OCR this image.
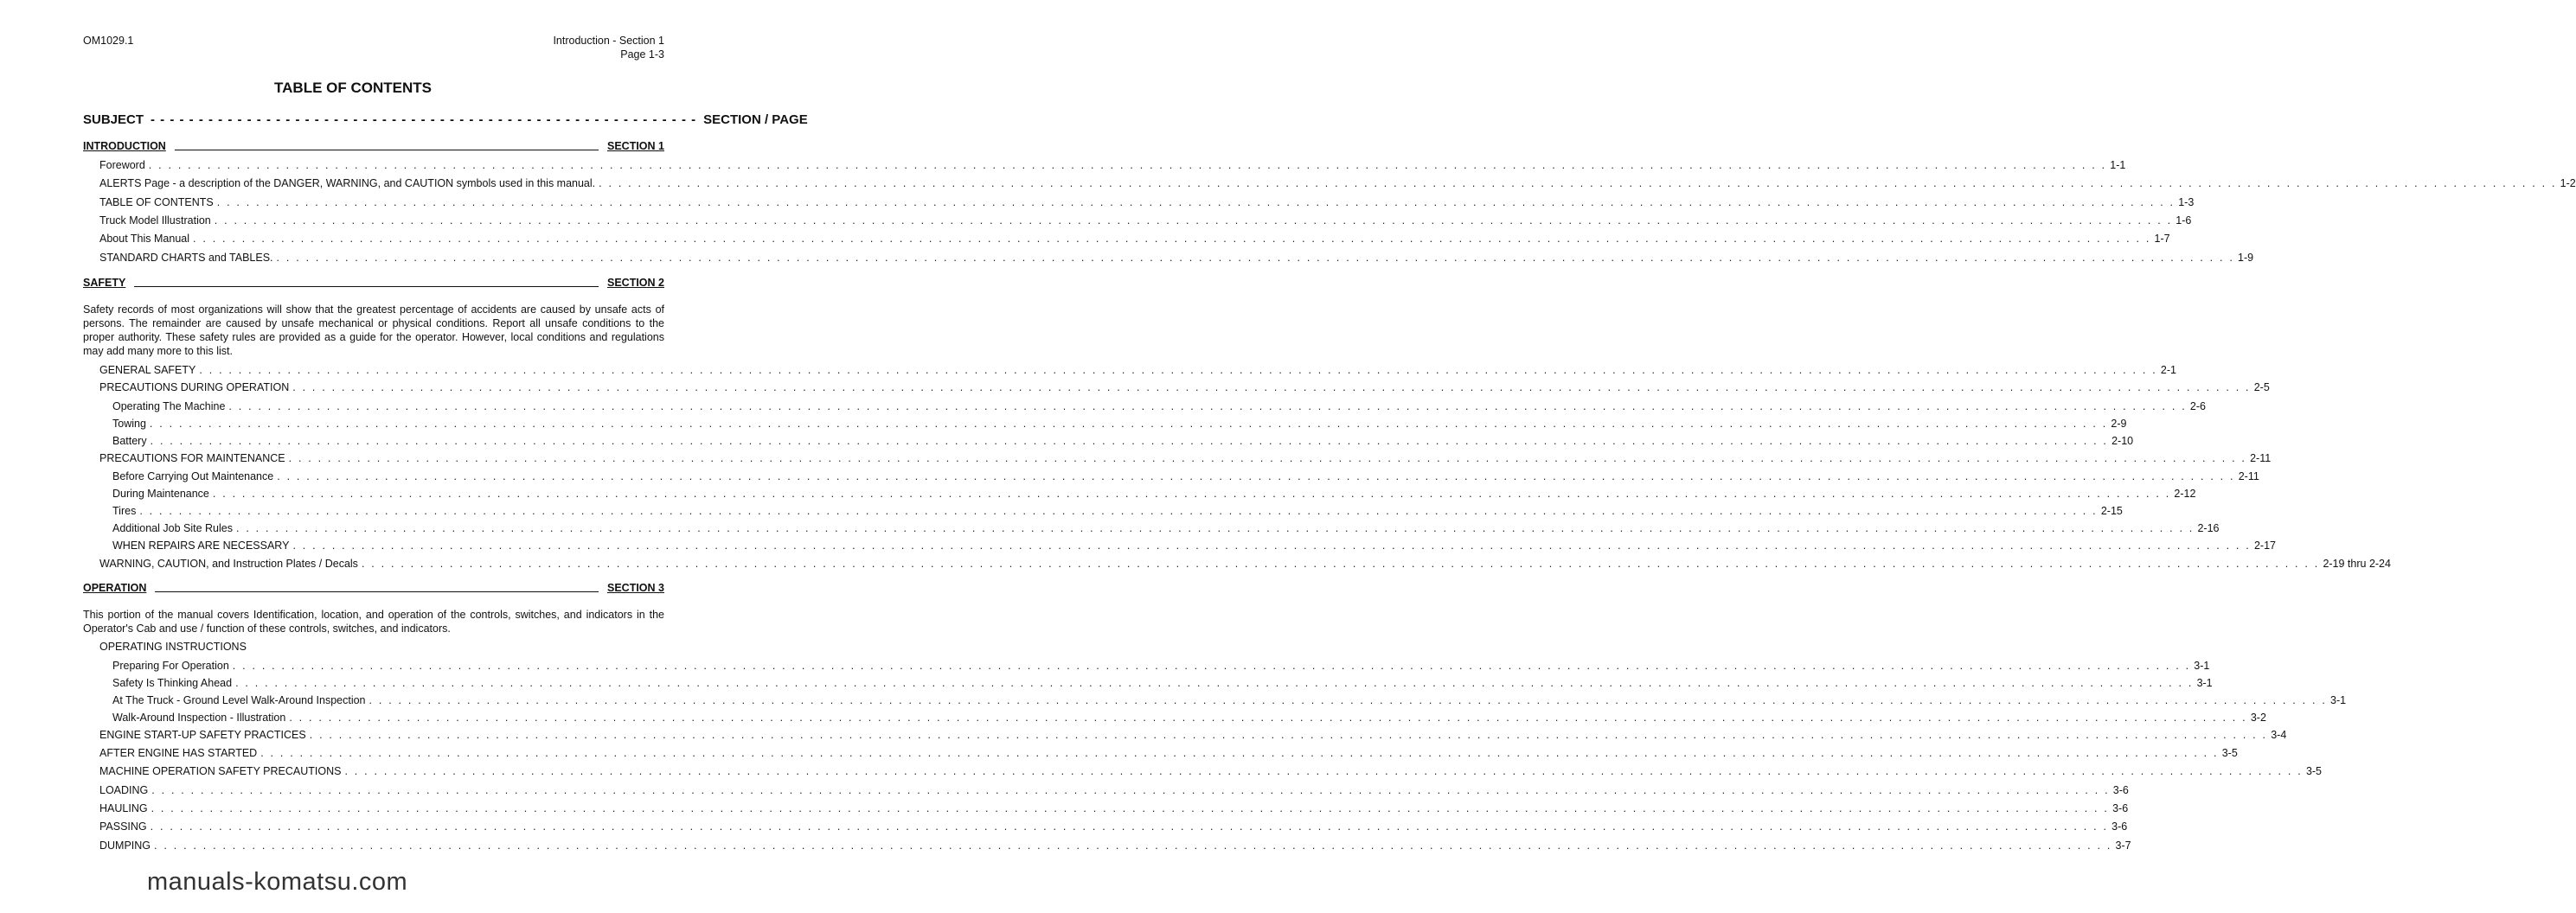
OM1029.1	Introduction - Section 1
Page 1-3
TABLE OF CONTENTS
SUBJECT - - - - - - - - - - - - - - - - - - - - - - - - - - - - - - - - - - - - - - - - - - - - - - - - - - - - - - - - - SECTION / PAGE
INTRODUCTION	SECTION 1
Foreword . . . . . . . . . . . . . . . . . . . . . . . . . . . . . . . . . . . . . . . . . . . . . . . . . . . . . . . . . . . . . . . . . . . . . . . . . . . . . . . . . . . . . . . . . . . . . . . . . . . . . . . . . . . . . . . . . . . . . . . . . . . . . . . . . . . . . . . . . . . . . . . . . . . . . . . . . . . . . . . . . . . . . . . . . . . . . . . . . . . . . . . . . . . . . . . . . . . . . . . . 1-1
ALERTS Page - a description of the DANGER, WARNING, and CAUTION symbols used in this manual. . . . . . . . . . . . . . . . . . . . . . . . . . . . . . . . . . . . . . . . . . . . . . . . . . . . . . . . . . . . . . . . . . . . . . . . . . . . . . . . . . . . . . . . . . . . . . . . . . . . . . . . . . . . . . . . . . . . . . . . . . . . . . . . . . . . . . . . . . . . . . . . . . . . . . . . . . . . . . . . . . . . . . . . . . . . . . . . . . . . . . . . . . . . . . . . . . . . . . . . . 1-2
TABLE OF CONTENTS . . . . . . . . . . . . . . . . . . . . . . . . . . . . . . . . . . . . . . . . . . . . . . . . . . . . . . . . . . . . . . . . . . . . . . . . . . . . . . . . . . . . . . . . . . . . . . . . . . . . . . . . . . . . . . . . . . . . . . . . . . . . . . . . . . . . . . . . . . . . . . . . . . . . . . . . . . . . . . . . . . . . . . . . . . . . . . . . . . . . . . . . . . . . . . . . . . . . . . . . 1-3
Truck Model Illustration . . . . . . . . . . . . . . . . . . . . . . . . . . . . . . . . . . . . . . . . . . . . . . . . . . . . . . . . . . . . . . . . . . . . . . . . . . . . . . . . . . . . . . . . . . . . . . . . . . . . . . . . . . . . . . . . . . . . . . . . . . . . . . . . . . . . . . . . . . . . . . . . . . . . . . . . . . . . . . . . . . . . . . . . . . . . . . . . . . . . . . . . . . . . . . . . . . . . . . . . 1-6
About This Manual . . . . . . . . . . . . . . . . . . . . . . . . . . . . . . . . . . . . . . . . . . . . . . . . . . . . . . . . . . . . . . . . . . . . . . . . . . . . . . . . . . . . . . . . . . . . . . . . . . . . . . . . . . . . . . . . . . . . . . . . . . . . . . . . . . . . . . . . . . . . . . . . . . . . . . . . . . . . . . . . . . . . . . . . . . . . . . . . . . . . . . . . . . . . . . . . . . . . . . . . 1-7
STANDARD CHARTS and TABLES. . . . . . . . . . . . . . . . . . . . . . . . . . . . . . . . . . . . . . . . . . . . . . . . . . . . . . . . . . . . . . . . . . . . . . . . . . . . . . . . . . . . . . . . . . . . . . . . . . . . . . . . . . . . . . . . . . . . . . . . . . . . . . . . . . . . . . . . . . . . . . . . . . . . . . . . . . . . . . . . . . . . . . . . . . . . . . . . . . . . . . . . . . . . . . . . . . . . . . . . . 1-9
SAFETY	SECTION 2
Safety records of most organizations will show that the greatest percentage of accidents are caused by unsafe acts of persons. The remainder are caused by unsafe mechanical or physical conditions. Report all unsafe conditions to the proper authority. These safety rules are provided as a guide for the operator. However, local conditions and regulations may add many more to this list.
GENERAL SAFETY . . . . . . . . . . . . . . . . . . . . . . . . . . . . . . . . . . . . . . . . . . . . . . . . . . . . . . . . . . . . . . . . . . . . . . . . . . . . . . . . . . . . . . . . . . . . . . . . . . . . . . . . . . . . . . . . . . . . . . . . . . . . . . . . . . . . . . . . . . . . . . . . . . . . . . . . . . . . . . . . . . . . . . . . . . . . . . . . . . . . . . . . . . . . . . . . . . . . . . . . 2-1
PRECAUTIONS DURING OPERATION . . . . . . . . . . . . . . . . . . . . . . . . . . . . . . . . . . . . . . . . . . . . . . . . . . . . . . . . . . . . . . . . . . . . . . . . . . . . . . . . . . . . . . . . . . . . . . . . . . . . . . . . . . . . . . . . . . . . . . . . . . . . . . . . . . . . . . . . . . . . . . . . . . . . . . . . . . . . . . . . . . . . . . . . . . . . . . . . . . . . . . . . . . . . . . . . . . . . . . . . 2-5
Operating The Machine . . . . . . . . . . . . . . . . . . . . . . . . . . . . . . . . . . . . . . . . . . . . . . . . . . . . . . . . . . . . . . . . . . . . . . . . . . . . . . . . . . . . . . . . . . . . . . . . . . . . . . . . . . . . . . . . . . . . . . . . . . . . . . . . . . . . . . . . . . . . . . . . . . . . . . . . . . . . . . . . . . . . . . . . . . . . . . . . . . . . . . . . . . . . . . . . . . . . . . . . 2-6
Towing . . . . . . . . . . . . . . . . . . . . . . . . . . . . . . . . . . . . . . . . . . . . . . . . . . . . . . . . . . . . . . . . . . . . . . . . . . . . . . . . . . . . . . . . . . . . . . . . . . . . . . . . . . . . . . . . . . . . . . . . . . . . . . . . . . . . . . . . . . . . . . . . . . . . . . . . . . . . . . . . . . . . . . . . . . . . . . . . . . . . . . . . . . . . . . . . . . . . . . . . 2-9
Battery . . . . . . . . . . . . . . . . . . . . . . . . . . . . . . . . . . . . . . . . . . . . . . . . . . . . . . . . . . . . . . . . . . . . . . . . . . . . . . . . . . . . . . . . . . . . . . . . . . . . . . . . . . . . . . . . . . . . . . . . . . . . . . . . . . . . . . . . . . . . . . . . . . . . . . . . . . . . . . . . . . . . . . . . . . . . . . . . . . . . . . . . . . . . . . . . . . . . . . . . 2-10
PRECAUTIONS FOR MAINTENANCE . . . . . . . . . . . . . . . . . . . . . . . . . . . . . . . . . . . . . . . . . . . . . . . . . . . . . . . . . . . . . . . . . . . . . . . . . . . . . . . . . . . . . . . . . . . . . . . . . . . . . . . . . . . . . . . . . . . . . . . . . . . . . . . . . . . . . . . . . . . . . . . . . . . . . . . . . . . . . . . . . . . . . . . . . . . . . . . . . . . . . . . . . . . . . . . . . . . . . . . . 2-11
Before Carrying Out Maintenance . . . . . . . . . . . . . . . . . . . . . . . . . . . . . . . . . . . . . . . . . . . . . . . . . . . . . . . . . . . . . . . . . . . . . . . . . . . . . . . . . . . . . . . . . . . . . . . . . . . . . . . . . . . . . . . . . . . . . . . . . . . . . . . . . . . . . . . . . . . . . . . . . . . . . . . . . . . . . . . . . . . . . . . . . . . . . . . . . . . . . . . . . . . . . . . . . . . . . . . . 2-11
During Maintenance . . . . . . . . . . . . . . . . . . . . . . . . . . . . . . . . . . . . . . . . . . . . . . . . . . . . . . . . . . . . . . . . . . . . . . . . . . . . . . . . . . . . . . . . . . . . . . . . . . . . . . . . . . . . . . . . . . . . . . . . . . . . . . . . . . . . . . . . . . . . . . . . . . . . . . . . . . . . . . . . . . . . . . . . . . . . . . . . . . . . . . . . . . . . . . . . . . . . . . . . 2-12
Tires . . . . . . . . . . . . . . . . . . . . . . . . . . . . . . . . . . . . . . . . . . . . . . . . . . . . . . . . . . . . . . . . . . . . . . . . . . . . . . . . . . . . . . . . . . . . . . . . . . . . . . . . . . . . . . . . . . . . . . . . . . . . . . . . . . . . . . . . . . . . . . . . . . . . . . . . . . . . . . . . . . . . . . . . . . . . . . . . . . . . . . . . . . . . . . . . . . . . . . . . 2-15
Additional Job Site Rules . . . . . . . . . . . . . . . . . . . . . . . . . . . . . . . . . . . . . . . . . . . . . . . . . . . . . . . . . . . . . . . . . . . . . . . . . . . . . . . . . . . . . . . . . . . . . . . . . . . . . . . . . . . . . . . . . . . . . . . . . . . . . . . . . . . . . . . . . . . . . . . . . . . . . . . . . . . . . . . . . . . . . . . . . . . . . . . . . . . . . . . . . . . . . . . . . . . . . . . . 2-16
WHEN REPAIRS ARE NECESSARY . . . . . . . . . . . . . . . . . . . . . . . . . . . . . . . . . . . . . . . . . . . . . . . . . . . . . . . . . . . . . . . . . . . . . . . . . . . . . . . . . . . . . . . . . . . . . . . . . . . . . . . . . . . . . . . . . . . . . . . . . . . . . . . . . . . . . . . . . . . . . . . . . . . . . . . . . . . . . . . . . . . . . . . . . . . . . . . . . . . . . . . . . . . . . . . . . . . . . . . . 2-17
WARNING, CAUTION, and Instruction Plates / Decals . . . . . . . . . . . . . . . . . . . . . . . . . . . . . . . . . . . . . . . . . . . . . . . . . . . . . . . . . . . . . . . . . . . . . . . . . . . . . . . . . . . . . . . . . . . . . . . . . . . . . . . . . . . . . . . . . . . . . . . . . . . . . . . . . . . . . . . . . . . . . . . . . . . . . . . . . . . . . . . . . . . . . . . . . . . . . . . . . . . . . . . . . . . . . . . . . . . . . . . . 2-19 thru 2-24
OPERATION	SECTION 3
This portion of the manual covers Identification, location, and operation of the controls, switches, and indicators in the Operator's Cab and use / function of these controls, switches, and indicators.
OPERATING INSTRUCTIONS
Preparing For Operation . . . . . . . . . . . . . . . . . . . . . . . . . . . . . . . . . . . . . . . . . . . . . . . . . . . . . . . . . . . . . . . . . . . . . . . . . . . . . . . . . . . . . . . . . . . . . . . . . . . . . . . . . . . . . . . . . . . . . . . . . . . . . . . . . . . . . . . . . . . . . . . . . . . . . . . . . . . . . . . . . . . . . . . . . . . . . . . . . . . . . . . . . . . . . . . . . . . . . . . . 3-1
Safety Is Thinking Ahead . . . . . . . . . . . . . . . . . . . . . . . . . . . . . . . . . . . . . . . . . . . . . . . . . . . . . . . . . . . . . . . . . . . . . . . . . . . . . . . . . . . . . . . . . . . . . . . . . . . . . . . . . . . . . . . . . . . . . . . . . . . . . . . . . . . . . . . . . . . . . . . . . . . . . . . . . . . . . . . . . . . . . . . . . . . . . . . . . . . . . . . . . . . . . . . . . . . . . . . . 3-1
At The Truck - Ground Level Walk-Around Inspection . . . . . . . . . . . . . . . . . . . . . . . . . . . . . . . . . . . . . . . . . . . . . . . . . . . . . . . . . . . . . . . . . . . . . . . . . . . . . . . . . . . . . . . . . . . . . . . . . . . . . . . . . . . . . . . . . . . . . . . . . . . . . . . . . . . . . . . . . . . . . . . . . . . . . . . . . . . . . . . . . . . . . . . . . . . . . . . . . . . . . . . . . . . . . . . . . . . . . . . . 3-1
Walk-Around Inspection - Illustration . . . . . . . . . . . . . . . . . . . . . . . . . . . . . . . . . . . . . . . . . . . . . . . . . . . . . . . . . . . . . . . . . . . . . . . . . . . . . . . . . . . . . . . . . . . . . . . . . . . . . . . . . . . . . . . . . . . . . . . . . . . . . . . . . . . . . . . . . . . . . . . . . . . . . . . . . . . . . . . . . . . . . . . . . . . . . . . . . . . . . . . . . . . . . . . . . . . . . . . . 3-2
ENGINE START-UP SAFETY PRACTICES . . . . . . . . . . . . . . . . . . . . . . . . . . . . . . . . . . . . . . . . . . . . . . . . . . . . . . . . . . . . . . . . . . . . . . . . . . . . . . . . . . . . . . . . . . . . . . . . . . . . . . . . . . . . . . . . . . . . . . . . . . . . . . . . . . . . . . . . . . . . . . . . . . . . . . . . . . . . . . . . . . . . . . . . . . . . . . . . . . . . . . . . . . . . . . . . . . . . . . . . 3-4
AFTER ENGINE HAS STARTED . . . . . . . . . . . . . . . . . . . . . . . . . . . . . . . . . . . . . . . . . . . . . . . . . . . . . . . . . . . . . . . . . . . . . . . . . . . . . . . . . . . . . . . . . . . . . . . . . . . . . . . . . . . . . . . . . . . . . . . . . . . . . . . . . . . . . . . . . . . . . . . . . . . . . . . . . . . . . . . . . . . . . . . . . . . . . . . . . . . . . . . . . . . . . . . . . . . . . . . . 3-5
MACHINE OPERATION SAFETY PRECAUTIONS . . . . . . . . . . . . . . . . . . . . . . . . . . . . . . . . . . . . . . . . . . . . . . . . . . . . . . . . . . . . . . . . . . . . . . . . . . . . . . . . . . . . . . . . . . . . . . . . . . . . . . . . . . . . . . . . . . . . . . . . . . . . . . . . . . . . . . . . . . . . . . . . . . . . . . . . . . . . . . . . . . . . . . . . . . . . . . . . . . . . . . . . . . . . . . . . . . . . . . . . 3-5
LOADING . . . . . . . . . . . . . . . . . . . . . . . . . . . . . . . . . . . . . . . . . . . . . . . . . . . . . . . . . . . . . . . . . . . . . . . . . . . . . . . . . . . . . . . . . . . . . . . . . . . . . . . . . . . . . . . . . . . . . . . . . . . . . . . . . . . . . . . . . . . . . . . . . . . . . . . . . . . . . . . . . . . . . . . . . . . . . . . . . . . . . . . . . . . . . . . . . . . . . . . . 3-6
HAULING . . . . . . . . . . . . . . . . . . . . . . . . . . . . . . . . . . . . . . . . . . . . . . . . . . . . . . . . . . . . . . . . . . . . . . . . . . . . . . . . . . . . . . . . . . . . . . . . . . . . . . . . . . . . . . . . . . . . . . . . . . . . . . . . . . . . . . . . . . . . . . . . . . . . . . . . . . . . . . . . . . . . . . . . . . . . . . . . . . . . . . . . . . . . . . . . . . . . . . . . 3-6
PASSING . . . . . . . . . . . . . . . . . . . . . . . . . . . . . . . . . . . . . . . . . . . . . . . . . . . . . . . . . . . . . . . . . . . . . . . . . . . . . . . . . . . . . . . . . . . . . . . . . . . . . . . . . . . . . . . . . . . . . . . . . . . . . . . . . . . . . . . . . . . . . . . . . . . . . . . . . . . . . . . . . . . . . . . . . . . . . . . . . . . . . . . . . . . . . . . . . . . . . . . . 3-6
DUMPING . . . . . . . . . . . . . . . . . . . . . . . . . . . . . . . . . . . . . . . . . . . . . . . . . . . . . . . . . . . . . . . . . . . . . . . . . . . . . . . . . . . . . . . . . . . . . . . . . . . . . . . . . . . . . . . . . . . . . . . . . . . . . . . . . . . . . . . . . . . . . . . . . . . . . . . . . . . . . . . . . . . . . . . . . . . . . . . . . . . . . . . . . . . . . . . . . . . . . . . . 3-7
manuals-komatsu.com
